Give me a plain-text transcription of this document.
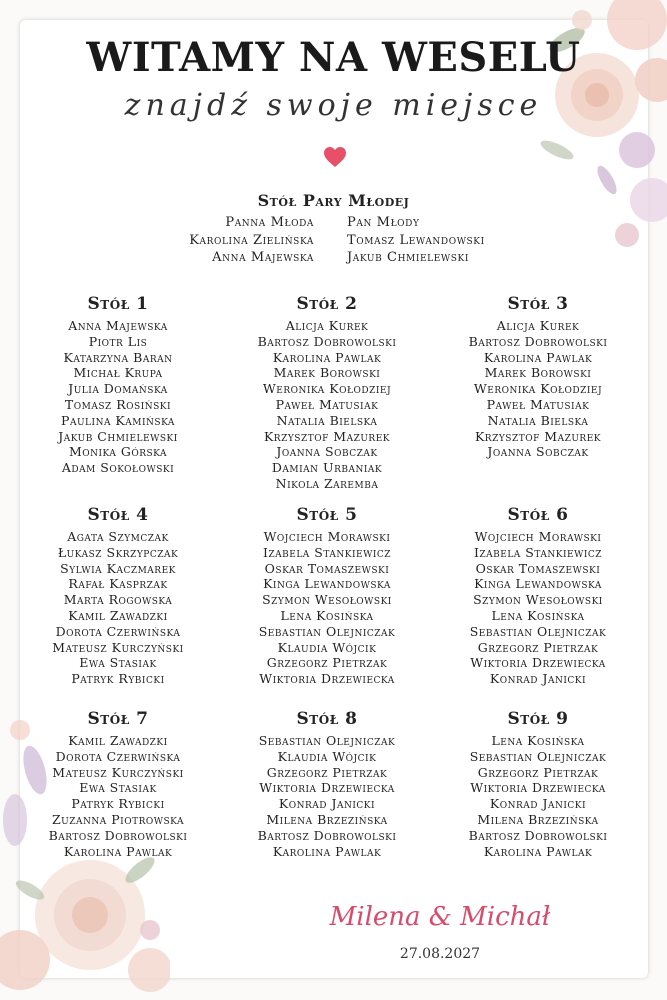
WITAMY NA WESELU
znajdź swoje miejsce
Stół Pary Młodej
Panna Młoda
Karolina Zielińska
Anna Majewska
Pan Młody
Tomasz Lewandowski
Jakub Chmielewski
Stół 1
Anna Majewska
Piotr Lis
Katarzyna Baran
Michał Krupa
Julia Domańska
Tomasz Rosiński
Paulina Kamińska
Jakub Chmielewski
Monika Górska
Adam Sokołowski
Stół 2
Alicja Kurek
Bartosz Dobrowolski
Karolina Pawlak
Marek Borowski
Weronika Kołodziej
Paweł Matusiak
Natalia Bielska
Krzysztof Mazurek
Joanna Sobczak
Damian Urbaniak
Nikola Zaremba
Stół 3
Alicja Kurek
Bartosz Dobrowolski
Karolina Pawlak
Marek Borowski
Weronika Kołodziej
Paweł Matusiak
Natalia Bielska
Krzysztof Mazurek
Joanna Sobczak
Stół 4
Agata Szymczak
Łukasz Skrzypczak
Sylwia Kaczmarek
Rafał Kasprzak
Marta Rogowska
Kamil Zawadzki
Dorota Czerwińska
Mateusz Kurczyński
Ewa Stasiak
Patryk Rybicki
Stół 5
Wojciech Morawski
Izabela Stankiewicz
Oskar Tomaszewski
Kinga Lewandowska
Szymon Wesołowski
Lena Kosińska
Sebastian Olejniczak
Klaudia Wójcik
Grzegorz Pietrzak
Wiktoria Drzewiecka
Stół 6
Wojciech Morawski
Izabela Stankiewicz
Oskar Tomaszewski
Kinga Lewandowska
Szymon Wesołowski
Lena Kosińska
Sebastian Olejniczak
Grzegorz Pietrzak
Wiktoria Drzewiecka
Konrad Janicki
Stół 7
Kamil Zawadzki
Dorota Czerwińska
Mateusz Kurczyński
Ewa Stasiak
Patryk Rybicki
Zuzanna Piotrowska
Bartosz Dobrowolski
Karolina Pawlak
Stół 8
Sebastian Olejniczak
Klaudia Wójcik
Grzegorz Pietrzak
Wiktoria Drzewiecka
Konrad Janicki
Milena Brzezińska
Bartosz Dobrowolski
Karolina Pawlak
Stół 9
Lena Kosińska
Sebastian Olejniczak
Grzegorz Pietrzak
Wiktoria Drzewiecka
Konrad Janicki
Milena Brzezińska
Bartosz Dobrowolski
Karolina Pawlak
Milena & Michał
27.08.2027
